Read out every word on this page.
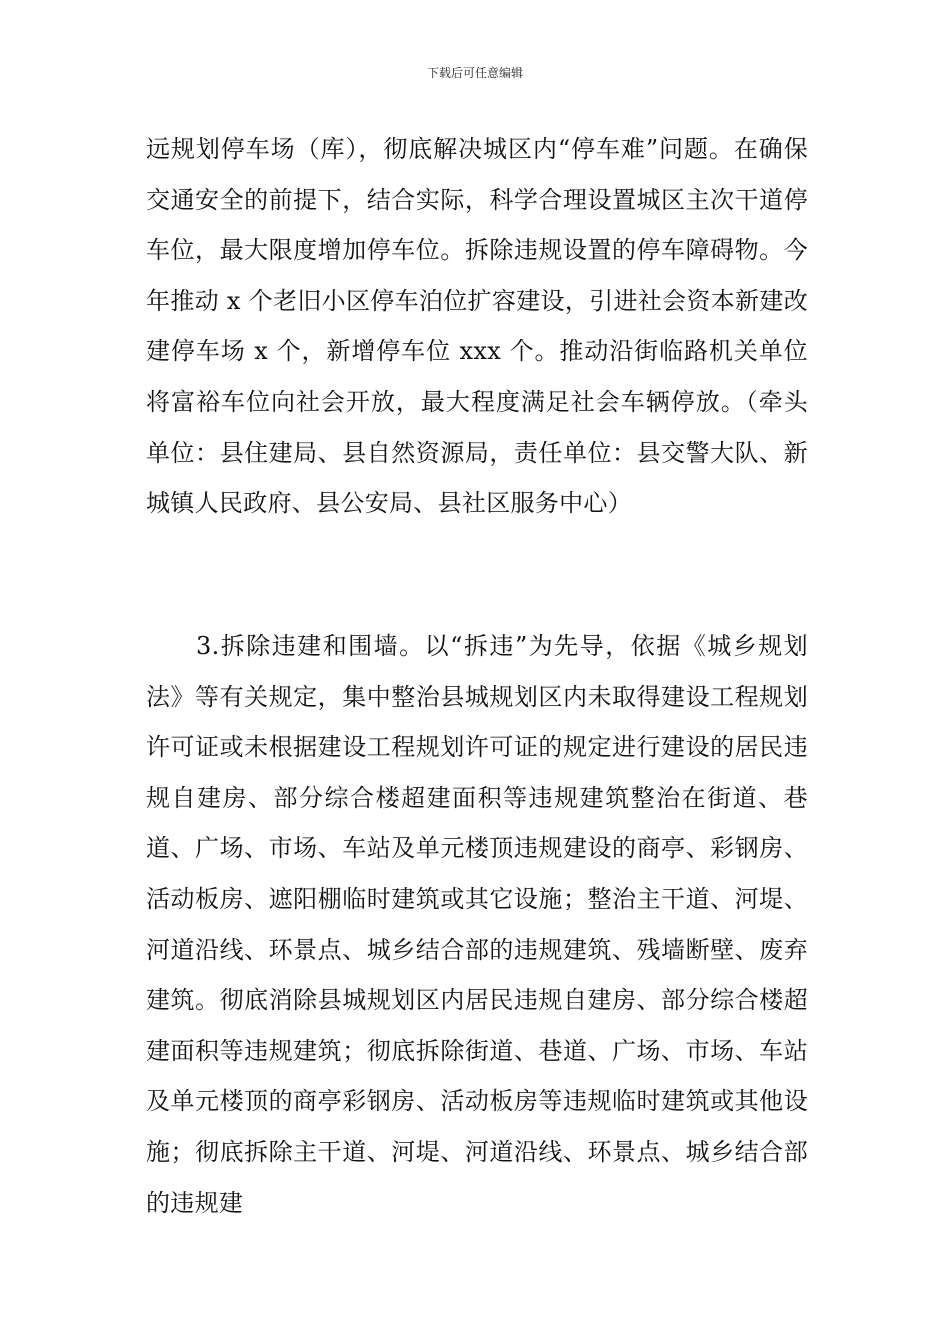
下载后可任意编辑

远规划停车场（库），彻底解决城区内“停车难”问题。在确保交通安全的前提下，结合实际，科学合理设置城区主次干道停车位，最大限度增加停车位。拆除违规设置的停车障碍物。今年推动 x 个老旧小区停车泊位扩容建设，引进社会资本新建改建停车场 x 个，新增停车位 xxx 个。推动沿街临路机关单位将富裕车位向社会开放，最大程度满足社会车辆停放。（牵头单位：县住建局、县自然资源局，责任单位：县交警大队、新城镇人民政府、县公安局、县社区服务中心）

3.拆除违建和围墙。以“拆违”为先导，依据《城乡规划法》等有关规定，集中整治县城规划区内未取得建设工程规划许可证或未根据建设工程规划许可证的规定进行建设的居民违规自建房、部分综合楼超建面积等违规建筑整治在街道、巷道、广场、市场、车站及单元楼顶违规建设的商亭、彩钢房、活动板房、遮阳棚临时建筑或其它设施；整治主干道、河堤、河道沿线、环景点、城乡结合部的违规建筑、残墙断壁、废弃建筑。彻底消除县城规划区内居民违规自建房、部分综合楼超建面积等违规建筑；彻底拆除街道、巷道、广场、市场、车站及单元楼顶的商亭彩钢房、活动板房等违规临时建筑或其他设施；彻底拆除主干道、河堤、河道沿线、环景点、城乡结合部的违规建
